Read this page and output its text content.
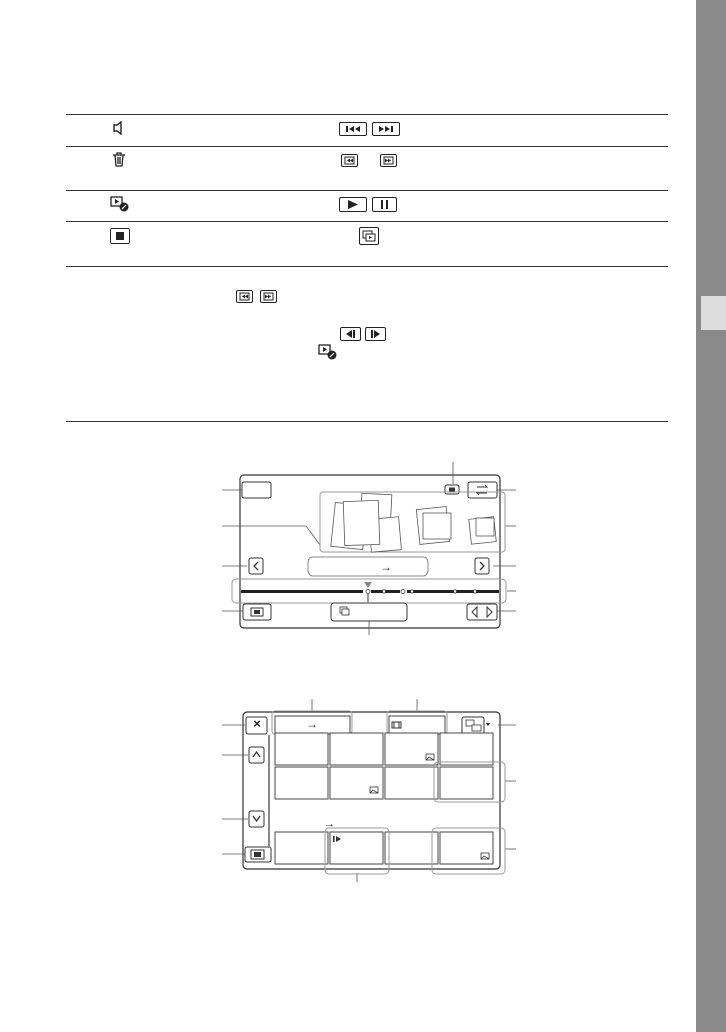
→
×	→
→
